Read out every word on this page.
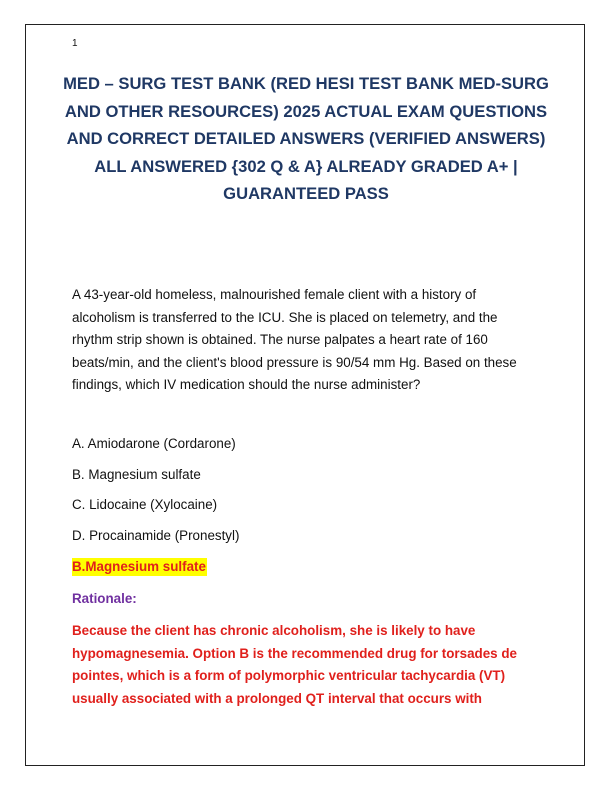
1
MED – SURG TEST BANK (RED HESI TEST BANK MED-SURG AND OTHER RESOURCES) 2025 ACTUAL EXAM QUESTIONS AND CORRECT DETAILED ANSWERS (VERIFIED ANSWERS) ALL ANSWERED {302 Q & A} ALREADY GRADED A+ | GUARANTEED PASS

A 43-year-old homeless, malnourished female client with a history of alcoholism is transferred to the ICU. She is placed on telemetry, and the rhythm strip shown is obtained. The nurse palpates a heart rate of 160 beats/min, and the client's blood pressure is 90/54 mm Hg. Based on these findings, which IV medication should the nurse administer?

A. Amiodarone (Cordarone)
B. Magnesium sulfate
C. Lidocaine (Xylocaine)
D. Procainamide (Pronestyl)
B.Magnesium sulfate
Rationale:

Because the client has chronic alcoholism, she is likely to have hypomagnesemia. Option B is the recommended drug for torsades de pointes, which is a form of polymorphic ventricular tachycardia (VT) usually associated with a prolonged QT interval that occurs with
